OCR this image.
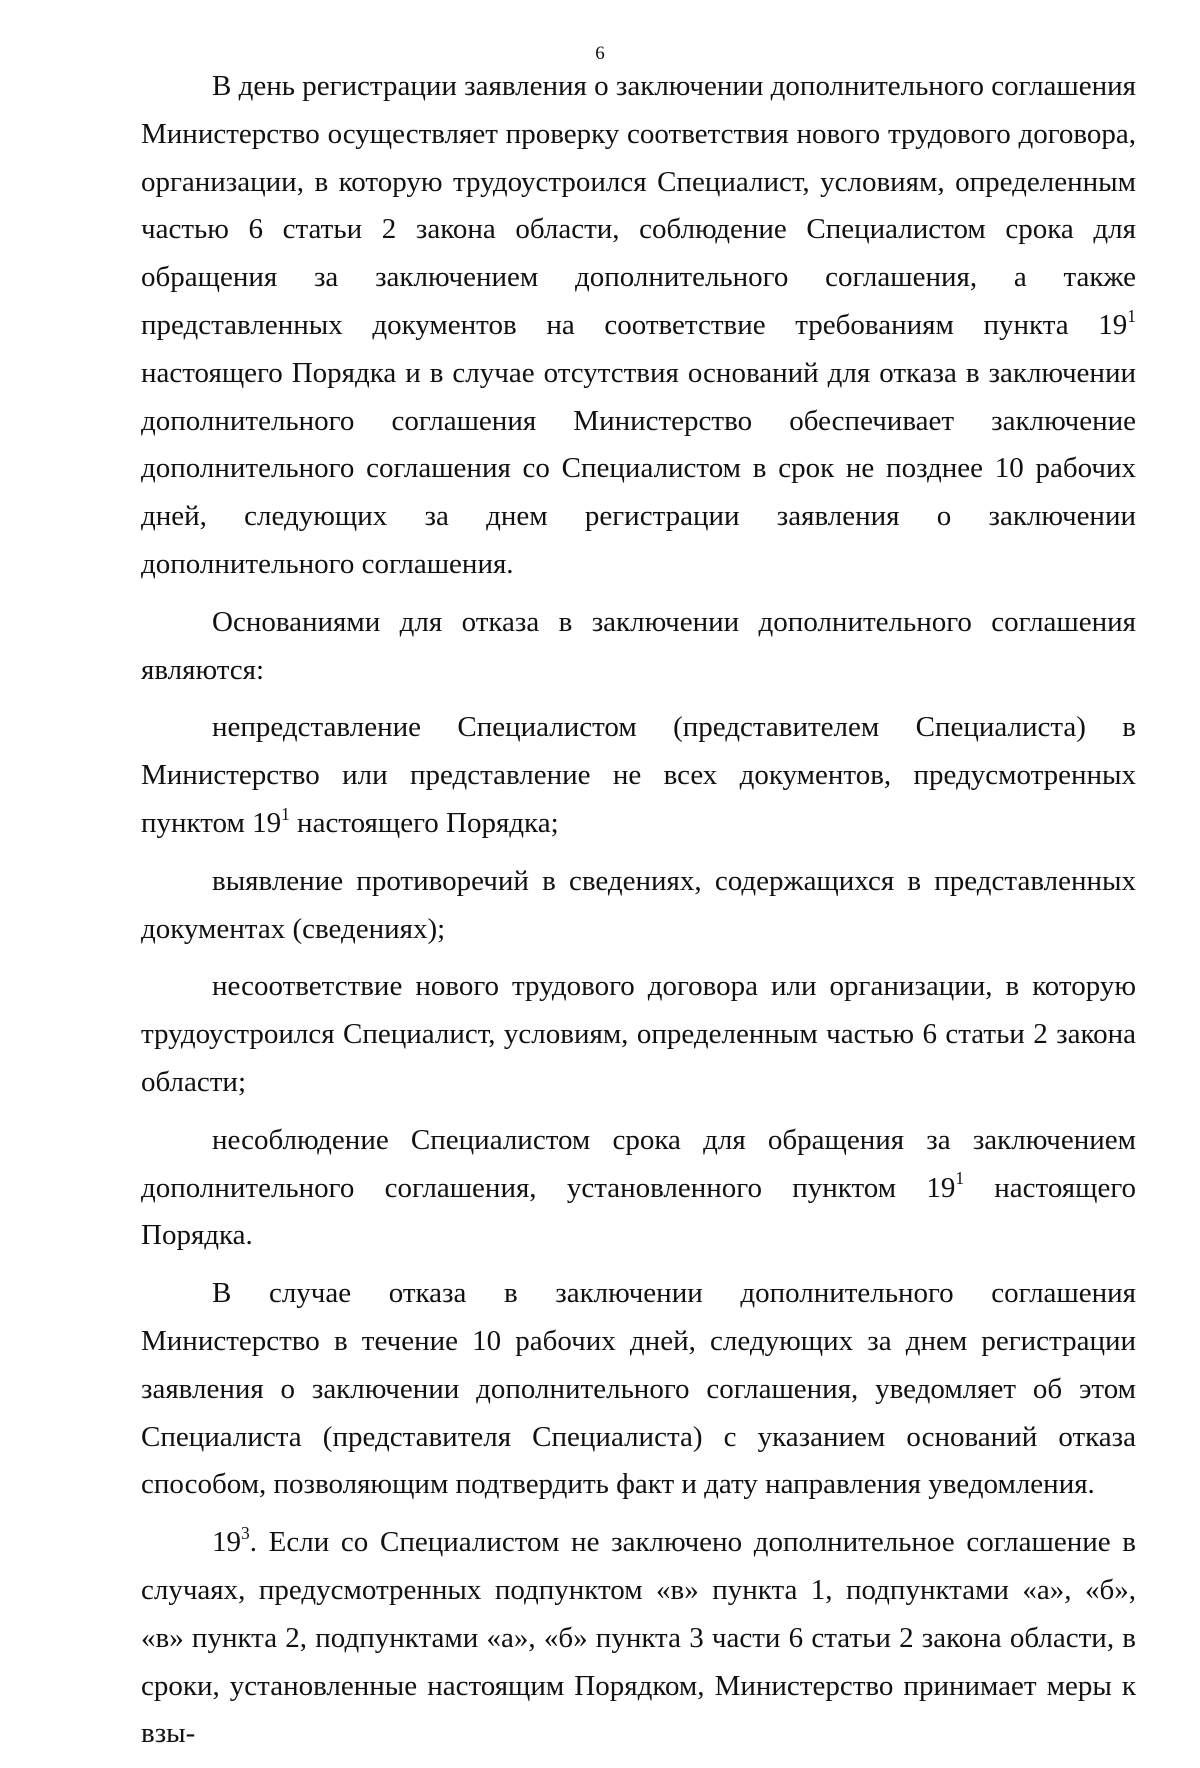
6

В день регистрации заявления о заключении дополнительного соглашения Министерство осуществляет проверку соответствия нового трудового договора, организации, в которую трудоустроился Специалист, условиям, определенным частью 6 статьи 2 закона области, соблюдение Специалистом срока для обращения за заключением дополнительного соглашения, а также представленных документов на соответствие требованиям пункта $19^1$ настоящего Порядка и в случае отсутствия оснований для отказа в заключении дополнительного соглашения Министерство обеспечивает заключение дополнительного соглашения со Специалистом в срок не позднее 10 рабочих дней, следующих за днем регистрации заявления о заключении дополнительного соглашения.

Основаниями для отказа в заключении дополнительного соглашения являются:

непредставление Специалистом (представителем Специалиста) в Министерство или представление не всех документов, предусмотренных пунктом $19^1$ настоящего Порядка;

выявление противоречий в сведениях, содержащихся в представленных документах (сведениях);

несоответствие нового трудового договора или организации, в которую трудоустроился Специалист, условиям, определенным частью 6 статьи 2 закона области;

несоблюдение Специалистом срока для обращения за заключением дополнительного соглашения, установленного пунктом $19^1$ настоящего Порядка.

В случае отказа в заключении дополнительного соглашения Министерство в течение 10 рабочих дней, следующих за днем регистрации заявления о заключении дополнительного соглашения, уведомляет об этом Специалиста (представителя Специалиста) с указанием оснований отказа способом, позволяющим подтвердить факт и дату направления уведомления.

$19^3$. Если со Специалистом не заключено дополнительное соглашение в случаях, предусмотренных подпунктом «в» пункта 1, подпунктами «а», «б», «в» пункта 2, подпунктами «а», «б» пункта 3 части 6 статьи 2 закона области, в сроки, установленные настоящим Порядком, Министерство принимает меры к взы-
